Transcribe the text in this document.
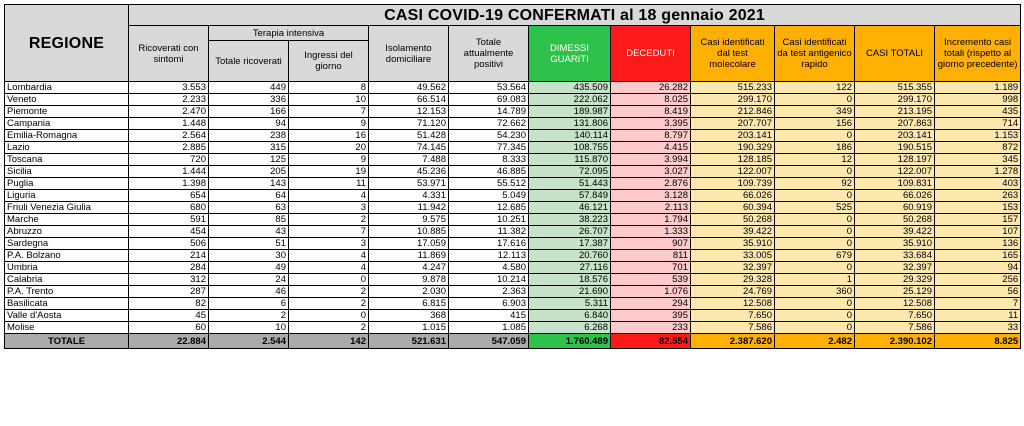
REGIONE	CASI COVID-19 CONFERMATI al 18 gennaio 2021										
	Ricoverati con sintomi	Terapia intensiva		Isolamento domiciliare	Totale attualmente positivi	DIMESSI GUARITI	DECEDUTI	Casi identificati dal test molecolare	Casi identificati da test antigenico rapido	CASI TOTALI	Incremento casi totali (rispetto al giorno precedente)
		Totale ricoverati	Ingressi del giorno								
Lombardia	3.553	449	8	49.562	53.564	435.509	26.282	515.233	122	515.355	1.189
Veneto	2.233	336	10	66.514	69.083	222.062	8.025	299.170	0	299.170	998
Piemonte	2.470	166	7	12.153	14.789	189.987	8.419	212.846	349	213.195	435
Campania	1.448	94	9	71.120	72.662	131.806	3.395	207.707	156	207.863	714
Emilia-Romagna	2.564	238	16	51.428	54.230	140.114	8.797	203.141	0	203.141	1.153
Lazio	2.885	315	20	74.145	77.345	108.755	4.415	190.329	186	190.515	872
Toscana	720	125	9	7.488	8.333	115.870	3.994	128.185	12	128.197	345
Sicilia	1.444	205	19	45.236	46.885	72.095	3.027	122.007	0	122.007	1.278
Puglia	1.398	143	11	53.971	55.512	51.443	2.876	109.739	92	109.831	403
Liguria	654	64	4	4.331	5.049	57.849	3.128	66.026	0	66.026	263
Friuli Venezia Giulia	680	63	3	11.942	12.685	46.121	2.113	60.394	525	60.919	153
Marche	591	85	2	9.575	10.251	38.223	1.794	50.268	0	50.268	157
Abruzzo	454	43	7	10.885	11.382	26.707	1.333	39.422	0	39.422	107
Sardegna	506	51	3	17.059	17.616	17.387	907	35.910	0	35.910	136
P.A. Bolzano	214	30	4	11.869	12.113	20.760	811	33.005	679	33.684	165
Umbria	284	49	4	4.247	4.580	27.116	701	32.397	0	32.397	94
Calabria	312	24	0	9.878	10.214	18.576	539	29.328	1	29.329	256
P.A. Trento	287	46	2	2.030	2.363	21.690	1.076	24.769	360	25.129	56
Basilicata	82	6	2	6.815	6.903	5.311	294	12.508	0	12.508	7
Valle d'Aosta	45	2	0	368	415	6.840	395	7.650	0	7.650	11
Molise	60	10	2	1.015	1.085	6.268	233	7.586	0	7.586	33
TOTALE	22.884	2.544	142	521.631	547.059	1.760.489	82.554	2.387.620	2.482	2.390.102	8.825
